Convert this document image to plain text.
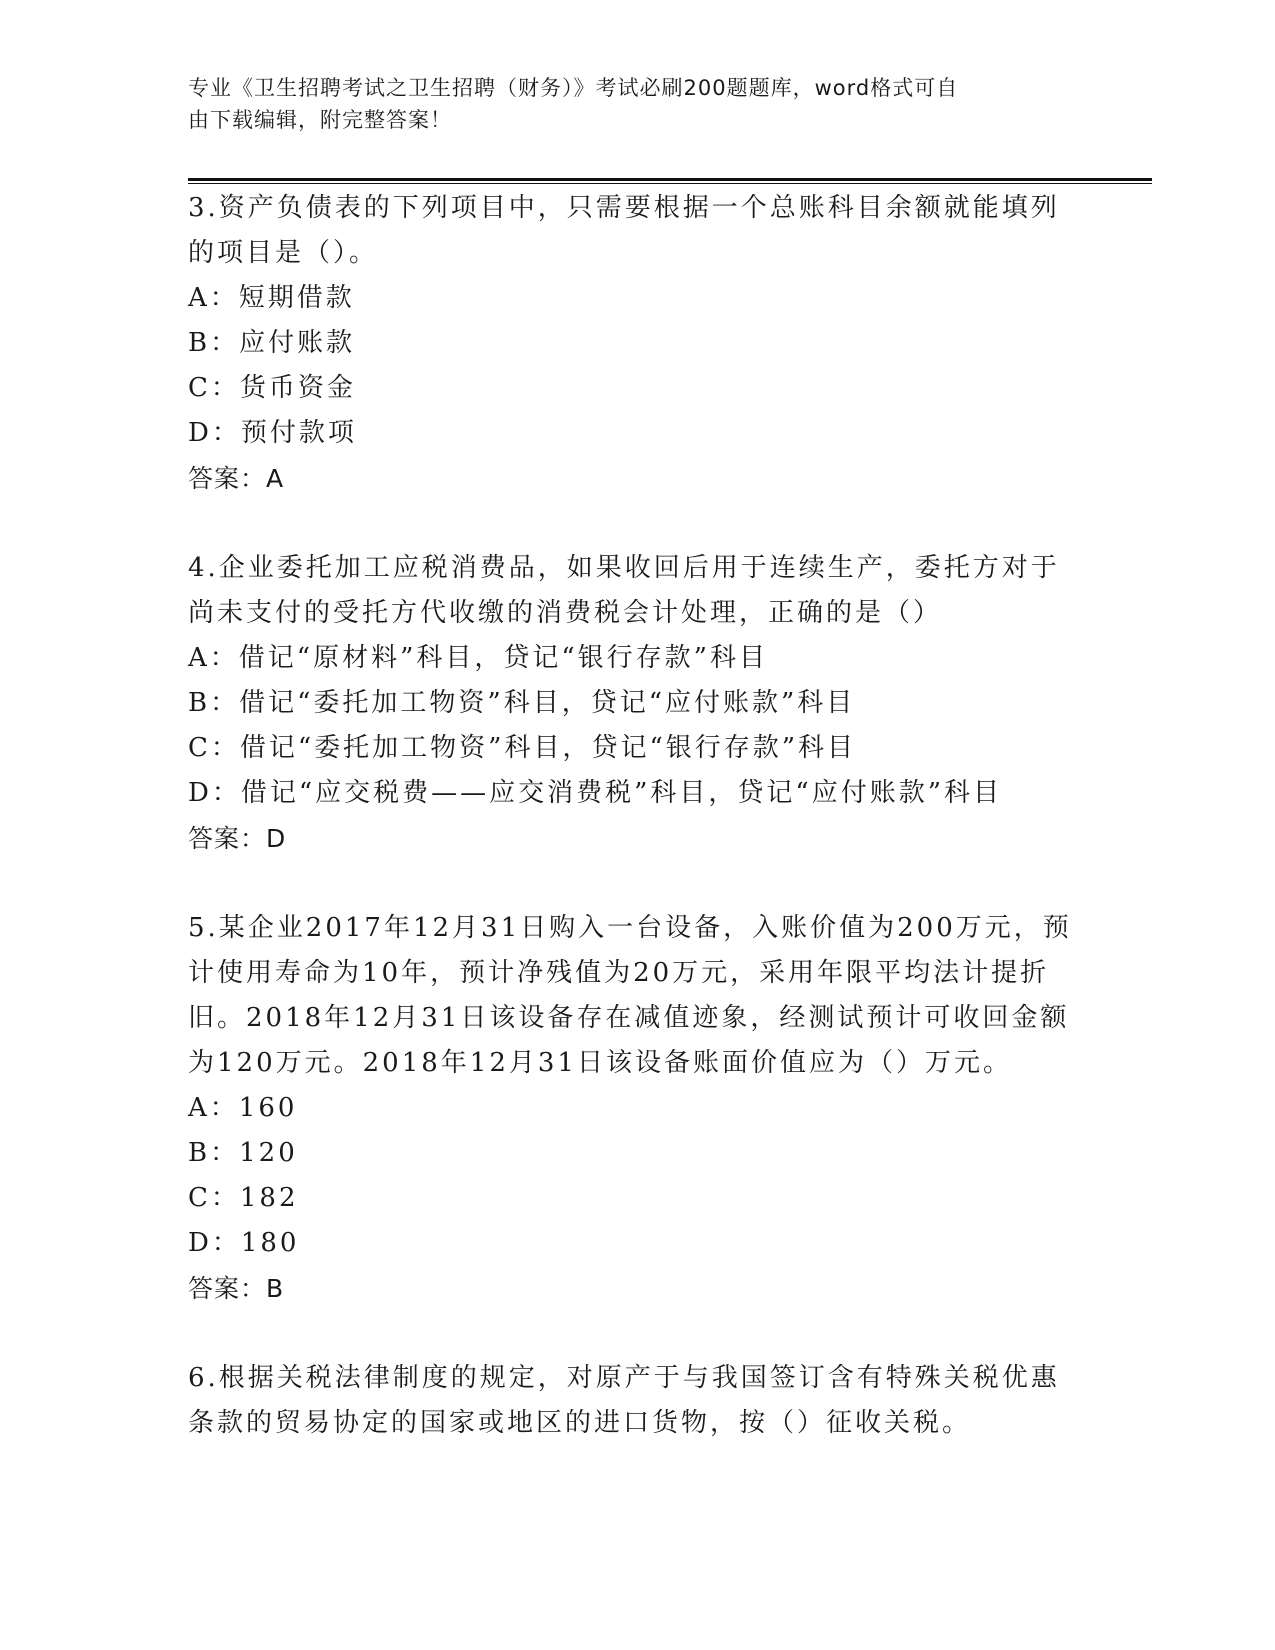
专业《卫生招聘考试之卫生招聘（财务）》考试必刷200题题库，word格式可自
由下载编辑，附完整答案！

3.资产负债表的下列项目中，只需要根据一个总账科目余额就能填列
的项目是（）。

A：短期借款

B：应付账款

C：货币资金

D：预付款项

答案：A

4.企业委托加工应税消费品，如果收回后用于连续生产，委托方对于
尚未支付的受托方代收缴的消费税会计处理，正确的是（）

A：借记“原材料”科目，贷记“银行存款”科目

B：借记“委托加工物资”科目，贷记“应付账款”科目

C：借记“委托加工物资”科目，贷记“银行存款”科目

D：借记“应交税费——应交消费税”科目，贷记“应付账款”科目

答案：D

5.某企业2017年12月31日购入一台设备，入账价值为200万元，预
计使用寿命为10年，预计净残值为20万元，采用年限平均法计提折
旧。2018年12月31日该设备存在减值迹象，经测试预计可收回金额
为120万元。2018年12月31日该设备账面价值应为（）万元。

A：160

B：120

C：182

D：180

答案：B

6.根据关税法律制度的规定，对原产于与我国签订含有特殊关税优惠
条款的贸易协定的国家或地区的进口货物，按（）征收关税。
